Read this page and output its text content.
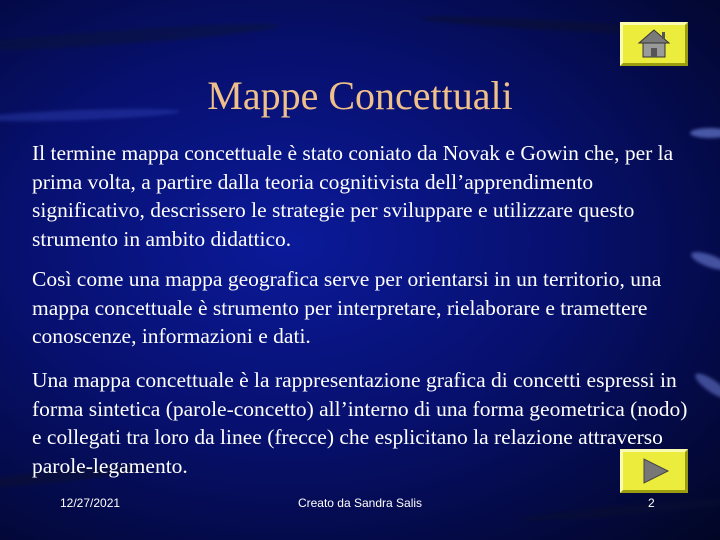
Mappe Concettuali

Il termine mappa concettuale è stato coniato da Novak e Gowin che, per la prima volta, a partire dalla teoria cognitivista dell’apprendimento significativo, descrissero le strategie per sviluppare e utilizzare questo strumento in ambito didattico.

Così come una mappa geografica serve per orientarsi in un territorio, una mappa concettuale è strumento per interpretare, rielaborare e tramettere conoscenze, informazioni e dati.

Una mappa concettuale è la rappresentazione grafica di concetti espressi in forma sintetica (parole-concetto) all’interno di una forma geometrica (nodo) e collegati tra loro da linee (frecce) che esplicitano la relazione attraverso parole-legamento.

12/27/2021	Creato da Sandra Salis	2
